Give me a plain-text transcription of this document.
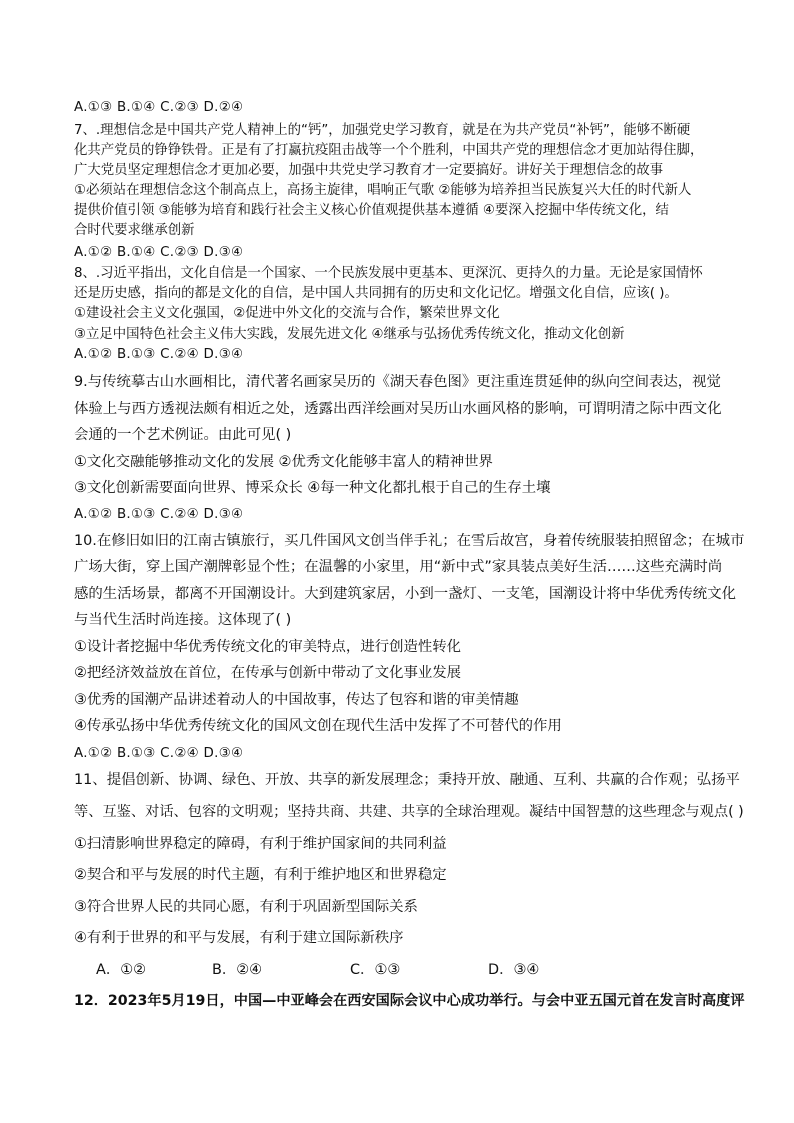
A.①③ B.①④ C.②③ D.②④
7、.理想信念是中国共产党人精神上的“钙”，加强党史学习教育，就是在为共产党员“补钙”，能够不断硬
化共产党员的铮铮铁骨。正是有了打赢抗疫阻击战等一个个胜利，中国共产党的理想信念才更加站得住脚，
广大党员坚定理想信念才更加必要，加强中共党史学习教育才一定要搞好。讲好关于理想信念的故事
①必须站在理想信念这个制高点上，高扬主旋律，唱响正气歌 ②能够为培养担当民族复兴大任的时代新人
提供价值引领 ③能够为培育和践行社会主义核心价值观提供基本遵循 ④要深入挖掘中华传统文化，结
合时代要求继承创新
A.①② B.①④ C.②③ D.③④
8、.习近平指出，文化自信是一个国家、一个民族发展中更基本、更深沉、更持久的力量。无论是家国情怀
还是历史感，指向的都是文化的自信，是中国人共同拥有的历史和文化记忆。增强文化自信，应该( )。
①建设社会主义文化强国，②促进中外文化的交流与合作，繁荣世界文化
③立足中国特色社会主义伟大实践，发展先进文化 ④继承与弘扬优秀传统文化，推动文化创新
A.①② B.①③ C.②④ D.③④
9.与传统摹古山水画相比，清代著名画家吴历的《湖天春色图》更注重连贯延伸的纵向空间表达，视觉
体验上与西方透视法颇有相近之处，透露出西洋绘画对吴历山水画风格的影响，可谓明清之际中西文化
会通的一个艺术例证。由此可见( )
①文化交融能够推动文化的发展 ②优秀文化能够丰富人的精神世界
③文化创新需要面向世界、博采众长 ④每一种文化都扎根于自己的生存土壤
A.①② B.①③ C.②④ D.③④
10.在修旧如旧的江南古镇旅行，买几件国风文创当伴手礼；在雪后故宫，身着传统服装拍照留念；在城市
广场大街，穿上国产潮牌彰显个性；在温馨的小家里，用“新中式”家具装点美好生活……这些充满时尚
感的生活场景，都离不开国潮设计。大到建筑家居，小到一盏灯、一支笔，国潮设计将中华优秀传统文化
与当代生活时尚连接。这体现了( )
①设计者挖掘中华优秀传统文化的审美特点，进行创造性转化
②把经济效益放在首位，在传承与创新中带动了文化事业发展
③优秀的国潮产品讲述着动人的中国故事，传达了包容和谐的审美情趣
④传承弘扬中华优秀传统文化的国风文创在现代生活中发挥了不可替代的作用
A.①② B.①③ C.②④ D.③④
11、提倡创新、协调、绿色、开放、共享的新发展理念；秉持开放、融通、互利、共赢的合作观；弘扬平
等、互鉴、对话、包容的文明观；坚持共商、共建、共享的全球治理观。凝结中国智慧的这些理念与观点( )
①扫清影响世界稳定的障碍，有利于维护国家间的共同利益
②契合和平与发展的时代主题，有利于维护地区和世界稳定
③符合世界人民的共同心愿，有利于巩固新型国际关系
④有利于世界的和平与发展，有利于建立国际新秩序
A．①②	B．②④	C．①③	D．③④
12．2023年5月19日，中国—中亚峰会在西安国际会议中心成功举行。与会中亚五国元首在发言时高度评
